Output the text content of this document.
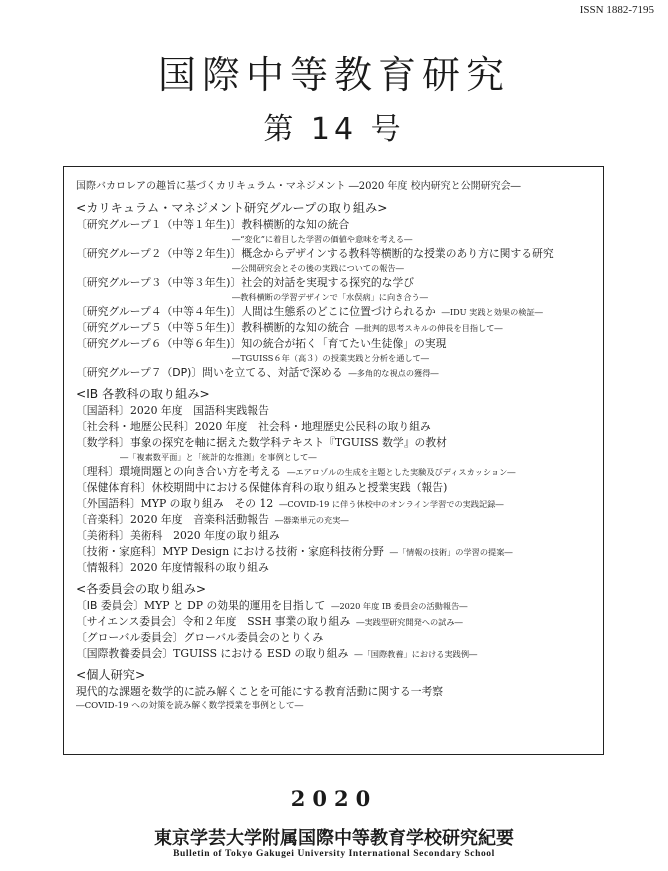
ISSN 1882-7195
国際中等教育研究
第 14 号
国際バカロレアの趣旨に基づくカリキュラム・マネジメント ―2020 年度 校内研究と公開研究会―
<カリキュラム・マネジメント研究グループの取り組み>
〔研究グループ１（中等１年生)〕教科横断的な知の統合
―“変化”に着目した学習の価値や意味を考える―
〔研究グループ２（中等２年生)〕概念からデザインする教科等横断的な授業のあり方に関する研究
―公開研究会とその後の実践についての報告―
〔研究グループ３（中等３年生)〕社会的対話を実現する探究的な学び
―教科横断の学習デザインで「水俣病」に向き合う―
〔研究グループ４（中等４年生)〕人間は生態系のどこに位置づけられるか ―IDU 実践と効果の検証―
〔研究グループ５（中等５年生)〕教科横断的な知の統合 ―批判的思考スキルの伸長を目指して―
〔研究グループ６（中等６年生)〕知の統合が拓く「育てたい生徒像」の実現
―TGUISS６年（高３）の授業実践と分析を通して―
〔研究グループ７（DP)〕問いを立てる、対話で深める ―多角的な視点の獲得―
<IB 各教科の取り組み>
〔国語科〕2020 年度　国語科実践報告
〔社会科・地歴公民科〕2020 年度　社会科・地理歴史公民科の取り組み
〔数学科〕事象の探究を軸に据えた数学科テキスト『TGUISS 数学』の教材
―「複素数平面」と「統計的な推測」を事例として―
〔理科〕環境問題との向き合い方を考える ―エアロゾルの生成を主題とした実験及びディスカッション―
〔保健体育科〕休校期間中における保健体育科の取り組みと授業実践（報告)
〔外国語科〕MYP の取り組み　その 12 ―COVID-19 に伴う休校中のオンライン学習での実践記録―
〔音楽科〕2020 年度　音楽科活動報告 ―器楽単元の充実―
〔美術科〕美術科　2020 年度の取り組み
〔技術・家庭科〕MYP Design における技術・家庭科技術分野 ―「情報の技術」の学習の提案―
〔情報科〕2020 年度情報科の取り組み
<各委員会の取り組み>
〔IB 委員会〕MYP と DP の効果的運用を目指して ―2020 年度 IB 委員会の活動報告―
〔サイエンス委員会〕令和２年度　SSH 事業の取り組み ―実践型研究開発への試み―
〔グローバル委員会〕グローバル委員会のとりくみ
〔国際教養委員会〕TGUISS における ESD の取り組み ―「国際教養」における実践例―
<個人研究>
現代的な課題を数学的に読み解くことを可能にする教育活動に関する一考察
―COVID-19 への対策を読み解く数学授業を事例として―
2020
東京学芸大学附属国際中等教育学校研究紀要
Bulletin of Tokyo Gakugei University International Secondary School
